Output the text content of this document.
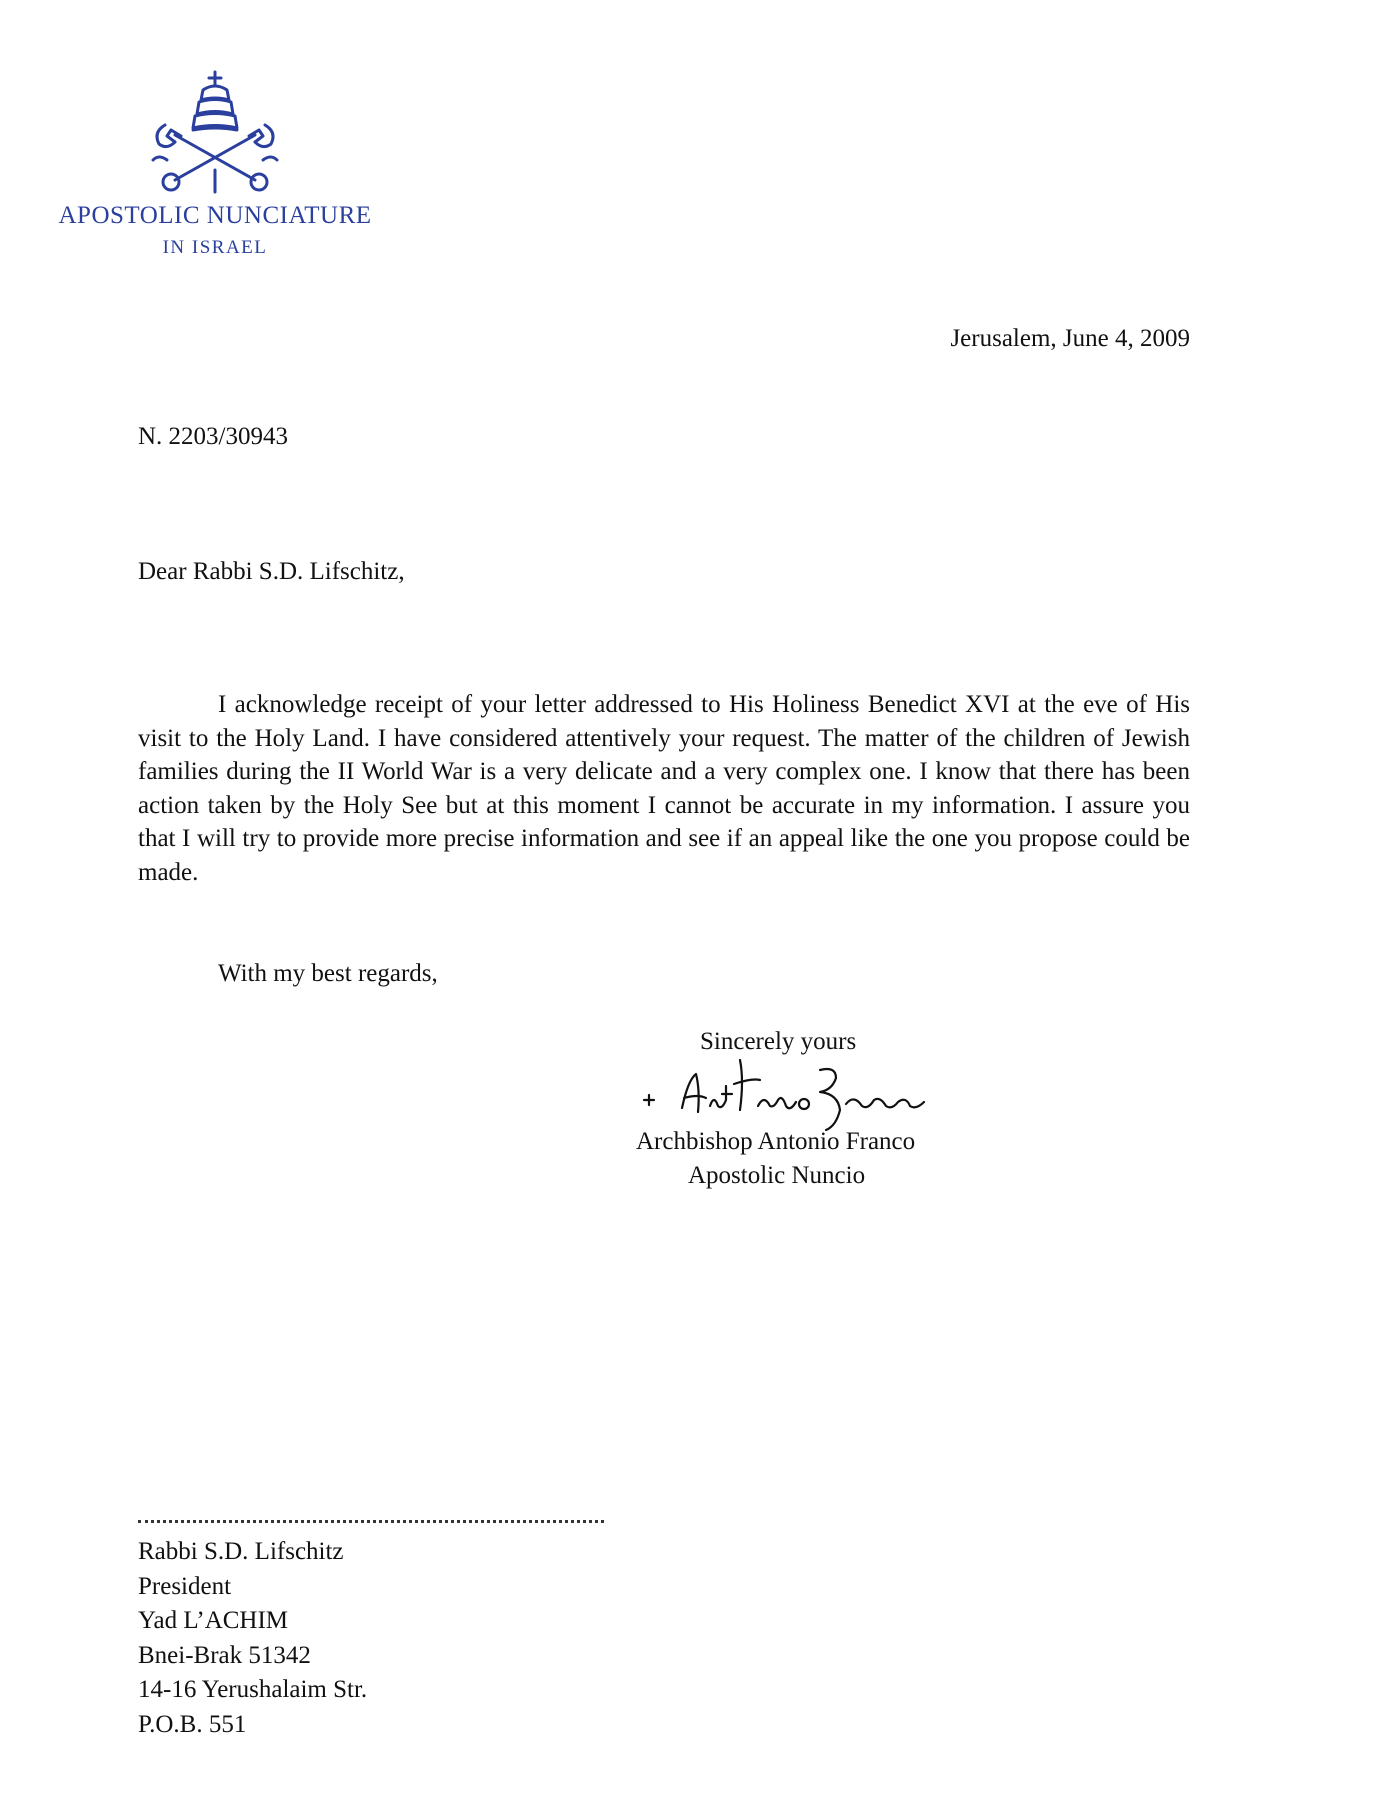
APOSTOLIC NUNCIATURE
IN ISRAEL
Jerusalem, June 4, 2009
N. 2203/30943
Dear Rabbi S.D. Lifschitz,
I acknowledge receipt of your letter addressed to His Holiness Benedict XVI at the eve of His visit to the Holy Land. I have considered attentively your request. The matter of the children of Jewish families during the II World War is a very delicate and a very complex one. I know that there has been action taken by the Holy See but at this moment I cannot be accurate in my information. I assure you that I will try to provide more precise information and see if an appeal like the one you propose could be made.
With my best regards,
Sincerely yours
Archbishop Antonio Franco
Apostolic Nuncio
Rabbi S.D. Lifschitz
President
Yad L’ACHIM
Bnei-Brak 51342
14-16 Yerushalaim Str.
P.O.B. 551
